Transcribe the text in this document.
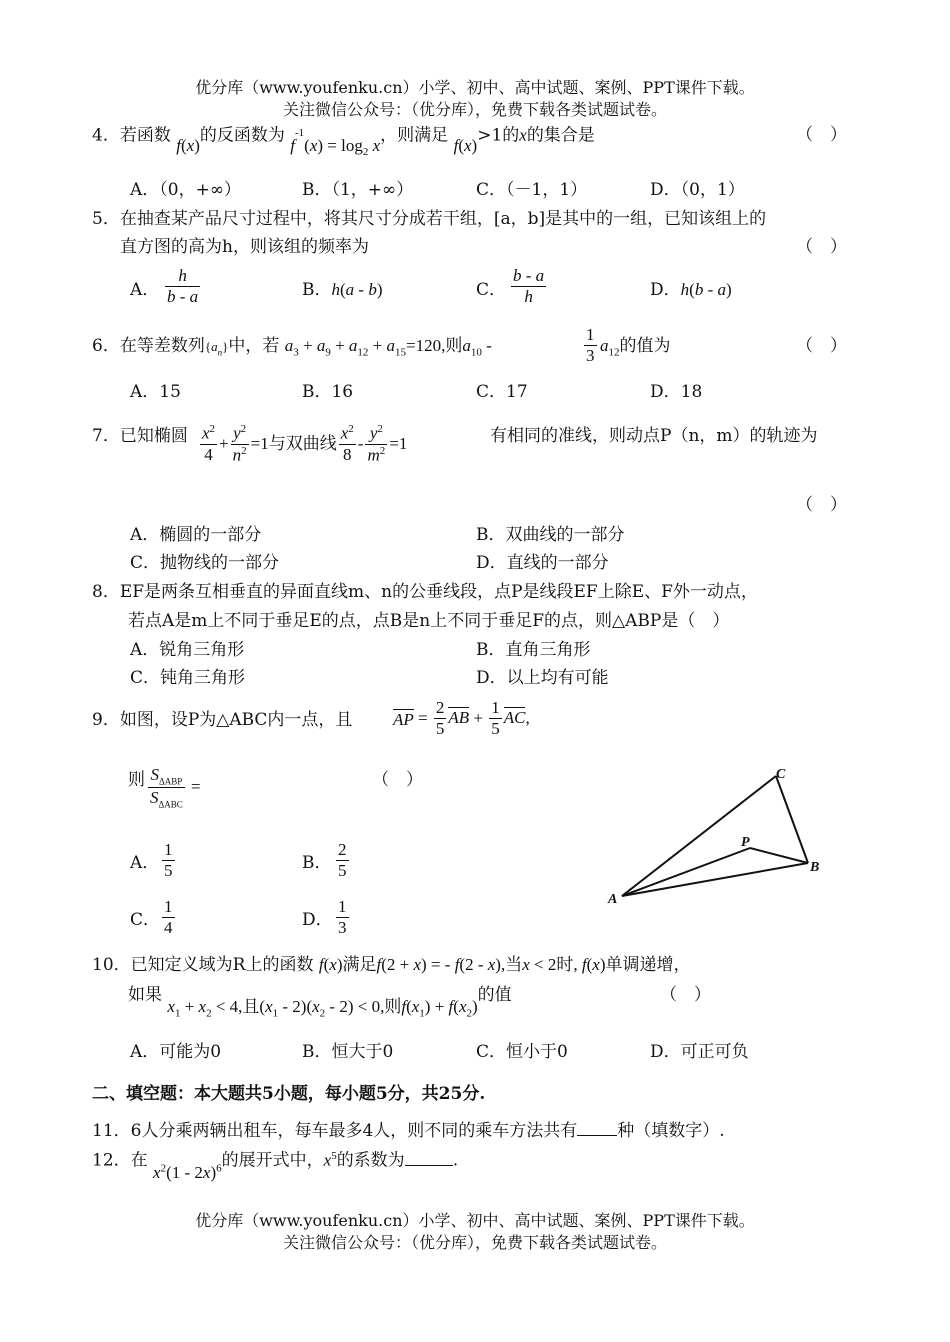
优分库（www.youfenku.cn）小学、初中、高中试题、案例、PPT课件下载。
关注微信公众号：（优分库），免费下载各类试题试卷。
4．若函数 f(x)的反函数为 $f^{-1}(x) = \log_2 x$，则满足 f(x)>1的x的集合是	（　）
A．（0，+∞）	B．（1，+∞）	C．（－1，1）	D．（0，1）
5．在抽查某产品尺寸过程中，将其尺寸分成若干组，[a，b]是其中的一组，已知该组上的
直方图的高为h，则该组的频率为	（　）
A． $\frac{h}{b - a}$	B．h(a - b)	C． $\frac{b - a}{h}$	D．h(b - a)
6．在等差数列$\{a_n\}$中，若 $a_3 + a_9 + a_{12} + a_{15}=120$,则$a_{10}$ -	$\frac{1}{3} a_{12}$的值为	（　）
A．15	B．16	C．17	D．18
7．已知椭圆 $\frac{x^2}{4} + \frac{y^2}{n^2} =1$与双曲线 $\frac{x^2}{8} - \frac{y^2}{m^2} =1$	有相同的准线，则动点P（n，m）的轨迹为
（　）
A．椭圆的一部分	B．双曲线的一部分
C．抛物线的一部分	D．直线的一部分
8．EF是两条互相垂直的异面直线m、n的公垂线段，点P是线段EF上除E、F外一动点，
若点A是m上不同于垂足E的点，点B是n上不同于垂足F的点，则△ABP是（　）
A．锐角三角形	B．直角三角形
C．钝角三角形	D．以上均有可能
9．如图，设P为△ABC内一点，且 AP = $\frac{2}{5}$ AB + $\frac{1}{5}$ AC,
则 $\frac{S_{\Delta ABP}}{S_{\Delta ABC}}$ =	（　）
A． $\frac{1}{5}$	B． $\frac{2}{5}$
C． $\frac{1}{4}$	D． $\frac{1}{3}$	A
B
C
P
10．已知定义域为R上的函数 f(x)满足f(2 + x) = - f(2 - x),当x < 2时, f(x)单调递增，
如果 $x_1 + x_2 < 4$,且$(x_1 - 2)(x_2 - 2) < 0$,则$f(x_1) + f(x_2)$的值	（　）
A．可能为0	B．恒大于0	C．恒小于0	D．可正可负
二、填空题：本大题共5小题，每小题5分，共25分.
11．6人分乘两辆出租车，每车最多4人，则不同的乘车方法共有 种（填数字）.
12．在 $x^2(1 - 2x)^6$的展开式中，$x^5$的系数为	.
优分库（www.youfenku.cn）小学、初中、高中试题、案例、PPT课件下载。
关注微信公众号：（优分库），免费下载各类试题试卷。
